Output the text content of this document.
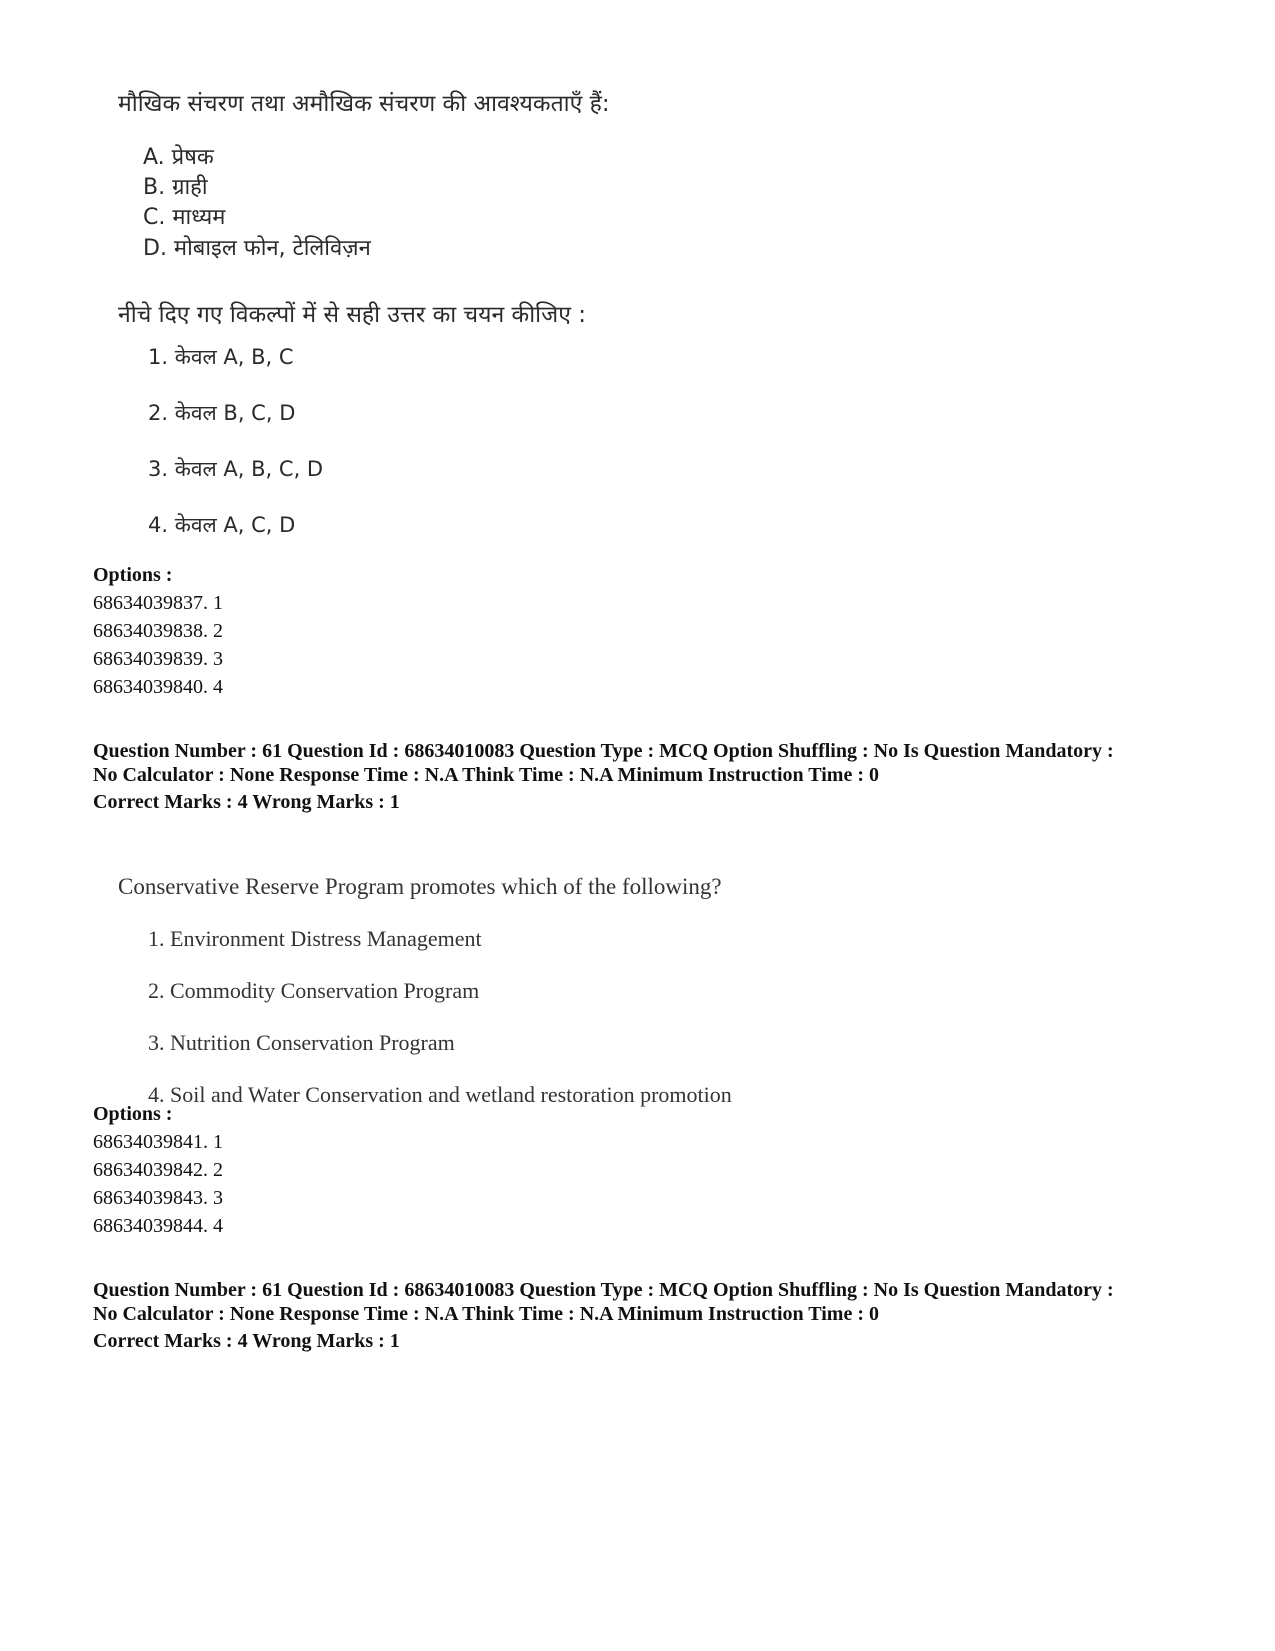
मौखिक संचरण तथा अमौखिक संचरण की आवश्यकताएँ हैं:
A. प्रेषक
B. ग्राही
C. माध्यम
D. मोबाइल फोन, टेलिविज़न
नीचे दिए गए विकल्पों में से सही उत्तर का चयन कीजिए :
1. केवल A, B, C
2. केवल B, C, D
3. केवल A, B, C, D
4. केवल A, C, D
Options :
68634039837. 1
68634039838. 2
68634039839. 3
68634039840. 4
Question Number : 61 Question Id : 68634010083 Question Type : MCQ Option Shuffling : No Is Question Mandatory :
No Calculator : None Response Time : N.A Think Time : N.A Minimum Instruction Time : 0
Correct Marks : 4 Wrong Marks : 1
Conservative Reserve Program promotes which of the following?
1. Environment Distress Management
2. Commodity Conservation Program
3. Nutrition Conservation Program
4. Soil and Water Conservation and wetland restoration promotion
Options :
68634039841. 1
68634039842. 2
68634039843. 3
68634039844. 4
Question Number : 61 Question Id : 68634010083 Question Type : MCQ Option Shuffling : No Is Question Mandatory :
No Calculator : None Response Time : N.A Think Time : N.A Minimum Instruction Time : 0
Correct Marks : 4 Wrong Marks : 1
